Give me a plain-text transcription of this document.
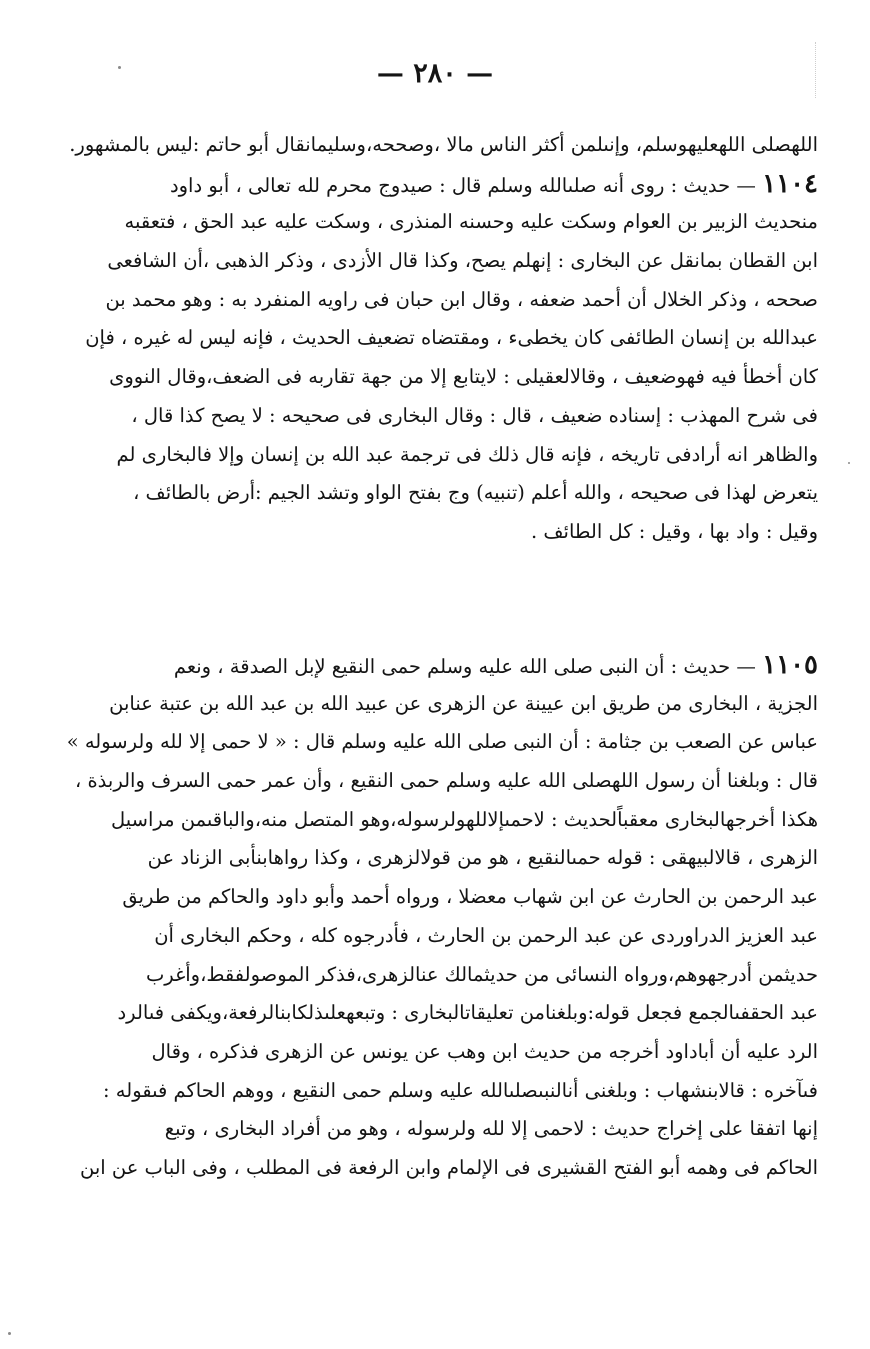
— ٢٨٠ —
اللهصلى اللهعليهوسلم، وإنىلمن أكثر الناس مالا ،وصححه،وسليمانقال أبو حاتم :ليس بالمشهور.
١١٠٤ — حديث : روى أنه صلىالله وسلم قال : صيدوج محرم لله تعالى ، أبو داود
منحديث الزبير بن العوام وسكت عليه وحسنه المنذرى ، وسكت عليه عبد الحق ، فتعقبه
ابن القطان بمانقل عن البخارى : إنهلم يصح، وكذا قال الأزدى ، وذكر الذهبى ،أن الشافعى
صححه ، وذكر الخلال أن أحمد ضعفه ، وقال ابن حبان فى راويه المنفرد به : وهو محمد بن
عبدالله بن إنسان الطائفى كان يخطىء ، ومقتضاه تضعيف الحديث ، فإنه ليس له غيره ، فإن
كان أخطأ فيه فهوضعيف ، وقالالعقيلى : لايتابع إلا من جهة تقاربه فى الضعف،وقال النووى
فى شرح المهذب : إسناده ضعيف ، قال : وقال البخارى فى صحيحه : لا يصح كذا قال ،
والظاهر انه أرادفى تاريخه ، فإنه قال ذلك فى ترجمة عبد الله بن إنسان وإلا فالبخارى لم
يتعرض لهذا فى صحيحه ، والله أعلم (تنبيه) وج بفتح الواو وتشد الجيم :أرض بالطائف ،
وقيل : واد بها ، وقيل : كل الطائف .
١١٠٥ — حديث : أن النبى صلى الله عليه وسلم حمى النقيع لإبل الصدقة ، ونعم
الجزية ، البخارى من طريق ابن عيينة عن الزهرى عن عبيد الله بن عبد الله بن عتبة عنابن
عباس عن الصعب بن جثامة : أن النبى صلى الله عليه وسلم قال : « لا حمى إلا لله ولرسوله »
قال : وبلغنا أن رسول اللهصلى الله عليه وسلم حمى النقيع ، وأن عمر حمى السرف والربذة ،
هكذا أخرجهالبخارى معقباًلحديث : لاحمىإلاللهولرسوله،وهو المتصل منه،والباقىمن مراسيل
الزهرى ، قالالبيهقى : قوله حمىالنقيع ، هو من قولالزهرى ، وكذا رواهابنأبى الزناد عن
عبد الرحمن بن الحارث عن ابن شهاب معضلا ، ورواه أحمد وأبو داود والحاكم من طريق
عبد العزيز الدراوردى عن عبد الرحمن بن الحارث ، فأدرجوه كله ، وحكم البخارى أن
حديثمن أدرجهوهم،ورواه النسائى من حديثمالك عنالزهرى،فذكر الموصولفقط،وأغرب
عبد الحقفىالجمع فجعل قوله:وبلغنامن تعليقاتالبخارى : وتبعهعلىذلكابنالرفعة،ويكفى فىالرد
الرد عليه أن أباداود أخرجه من حديث ابن وهب عن يونس عن الزهرى فذكره ، وقال
فىآخره : قالابنشهاب : وبلغنى أنالنبىصلىالله عليه وسلم حمى النقيع ، ووهم الحاكم فىقوله :
إنها اتفقا على إخراج حديث : لاحمى إلا لله ولرسوله ، وهو من أفراد البخارى ، وتبع
الحاكم فى وهمه أبو الفتح القشيرى فى الإلمام وابن الرفعة فى المطلب ، وفى الباب عن ابن
